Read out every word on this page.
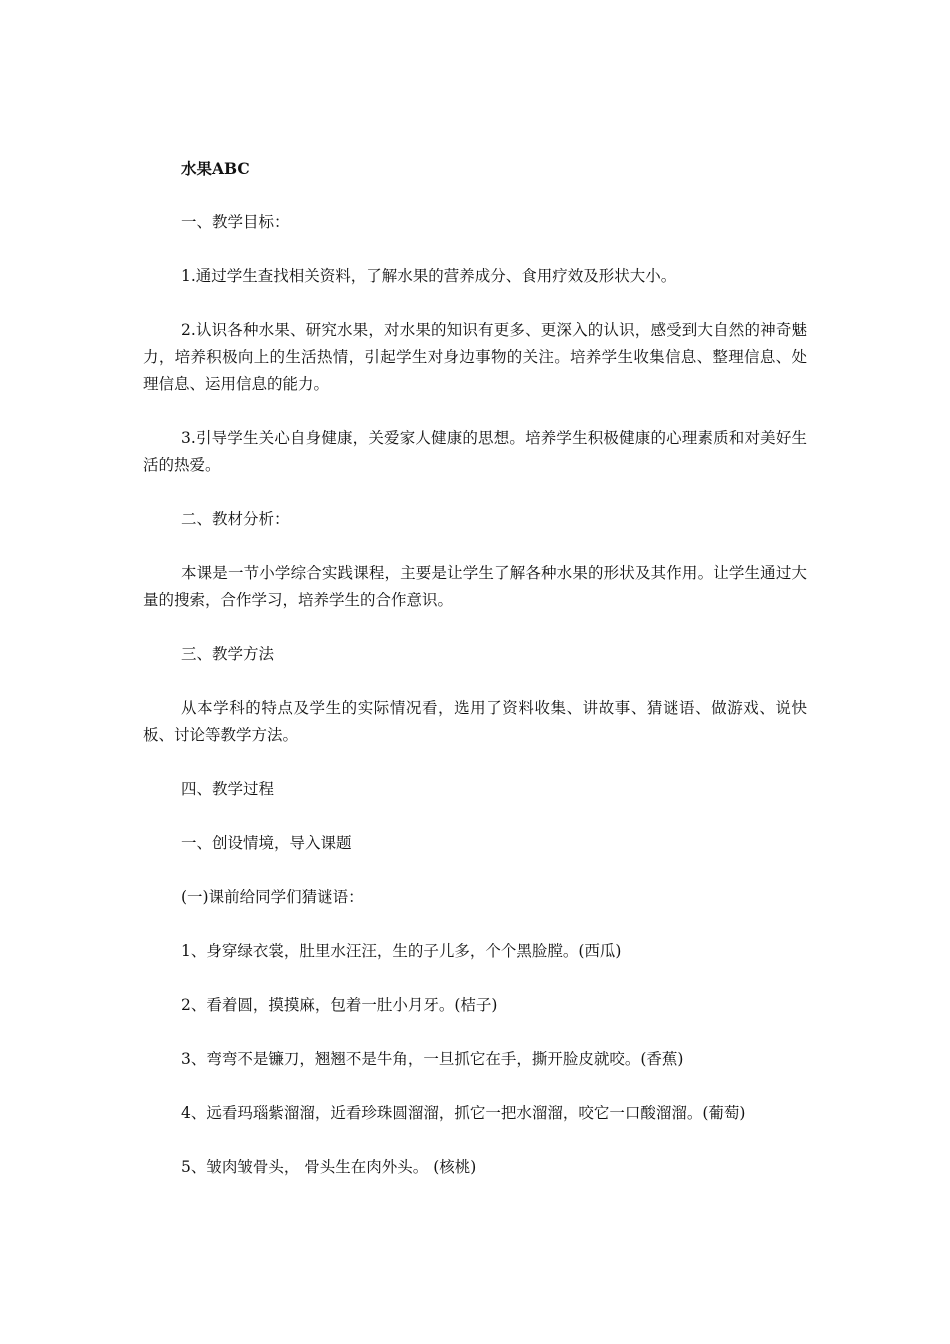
水果ABC

一、教学目标：

1.通过学生查找相关资料，了解水果的营养成分、食用疗效及形状大小。

2.认识各种水果、研究水果，对水果的知识有更多、更深入的认识，感受到大自然的神奇魅力，培养积极向上的生活热情，引起学生对身边事物的关注。培养学生收集信息、整理信息、处理信息、运用信息的能力。

3.引导学生关心自身健康，关爱家人健康的思想。培养学生积极健康的心理素质和对美好生活的热爱。

二、教材分析：

本课是一节小学综合实践课程，主要是让学生了解各种水果的形状及其作用。让学生通过大量的搜索，合作学习，培养学生的合作意识。

三、教学方法

从本学科的特点及学生的实际情况看，选用了资料收集、讲故事、猜谜语、做游戏、说快板、讨论等教学方法。

四、教学过程

一、创设情境，导入课题

(一)课前给同学们猜谜语：

1、身穿绿衣裳，肚里水汪汪，生的子儿多，个个黑脸膛。(西瓜)

2、看着圆，摸摸麻，包着一肚小月牙。(桔子)

3、弯弯不是镰刀，翘翘不是牛角，一旦抓它在手，撕开脸皮就咬。(香蕉)

4、远看玛瑙紫溜溜，近看珍珠圆溜溜，抓它一把水溜溜，咬它一口酸溜溜。(葡萄)

5、皱肉皱骨头， 骨头生在肉外头。 (核桃)
